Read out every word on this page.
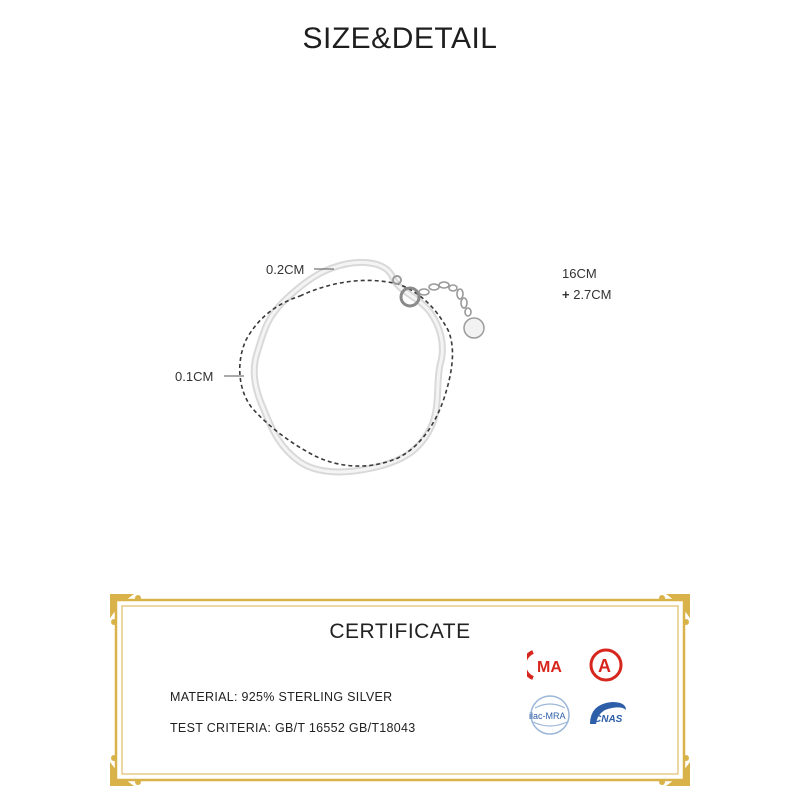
SIZE&DETAIL
0.2CM
0.1CM
16CM
+ 2.7CM
CERTIFICATE
MATERIAL: 925% STERLING SILVER
TEST CRITERIA: GB/T 16552 GB/T18043
MA A
ilac-MRA	CNAS
